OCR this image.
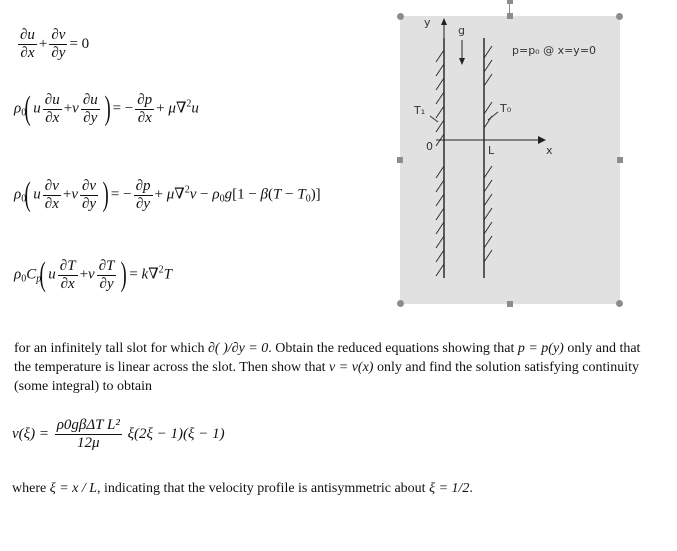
$\frac{\partial u}{\partial x} + \frac{\partial v}{\partial y} = 0$
$\rho_0$( u $\frac{\partial u}{\partial x} +v \frac{\partial u}{\partial y}$ ) = − $\frac{\partial p}{\partial x} + \mu\nabla^2u$
$\rho_0$( u $\frac{\partial v}{\partial x} +v \frac{\partial v}{\partial y}$ ) = − $\frac{\partial p}{\partial y} + \mu\nabla^2v - \rho_0g[1 - \beta(T - T_0)]$
$\rho_0C_p$( u $\frac{\partial T}{\partial x} +v \frac{\partial T}{\partial y}$ ) = k∇$^2$T
y
g
p=p₀ @ x=y=0
T₁	T₀
0	L	x
for an infinitely tall slot for which ∂( )/∂y = 0. Obtain the reduced equations showing that p = p(y) only and that the temperature is linear across the slot. Then show that v = v(x) only and find the solution satisfying continuity (some integral) to obtain
$v(\xi) = \frac{\text{ρ0gβΔT L²}}{12\mu} \xi(2\xi - 1)(\xi - 1)$
where ξ = x / L, indicating that the velocity profile is antisymmetric about ξ = 1/2.
